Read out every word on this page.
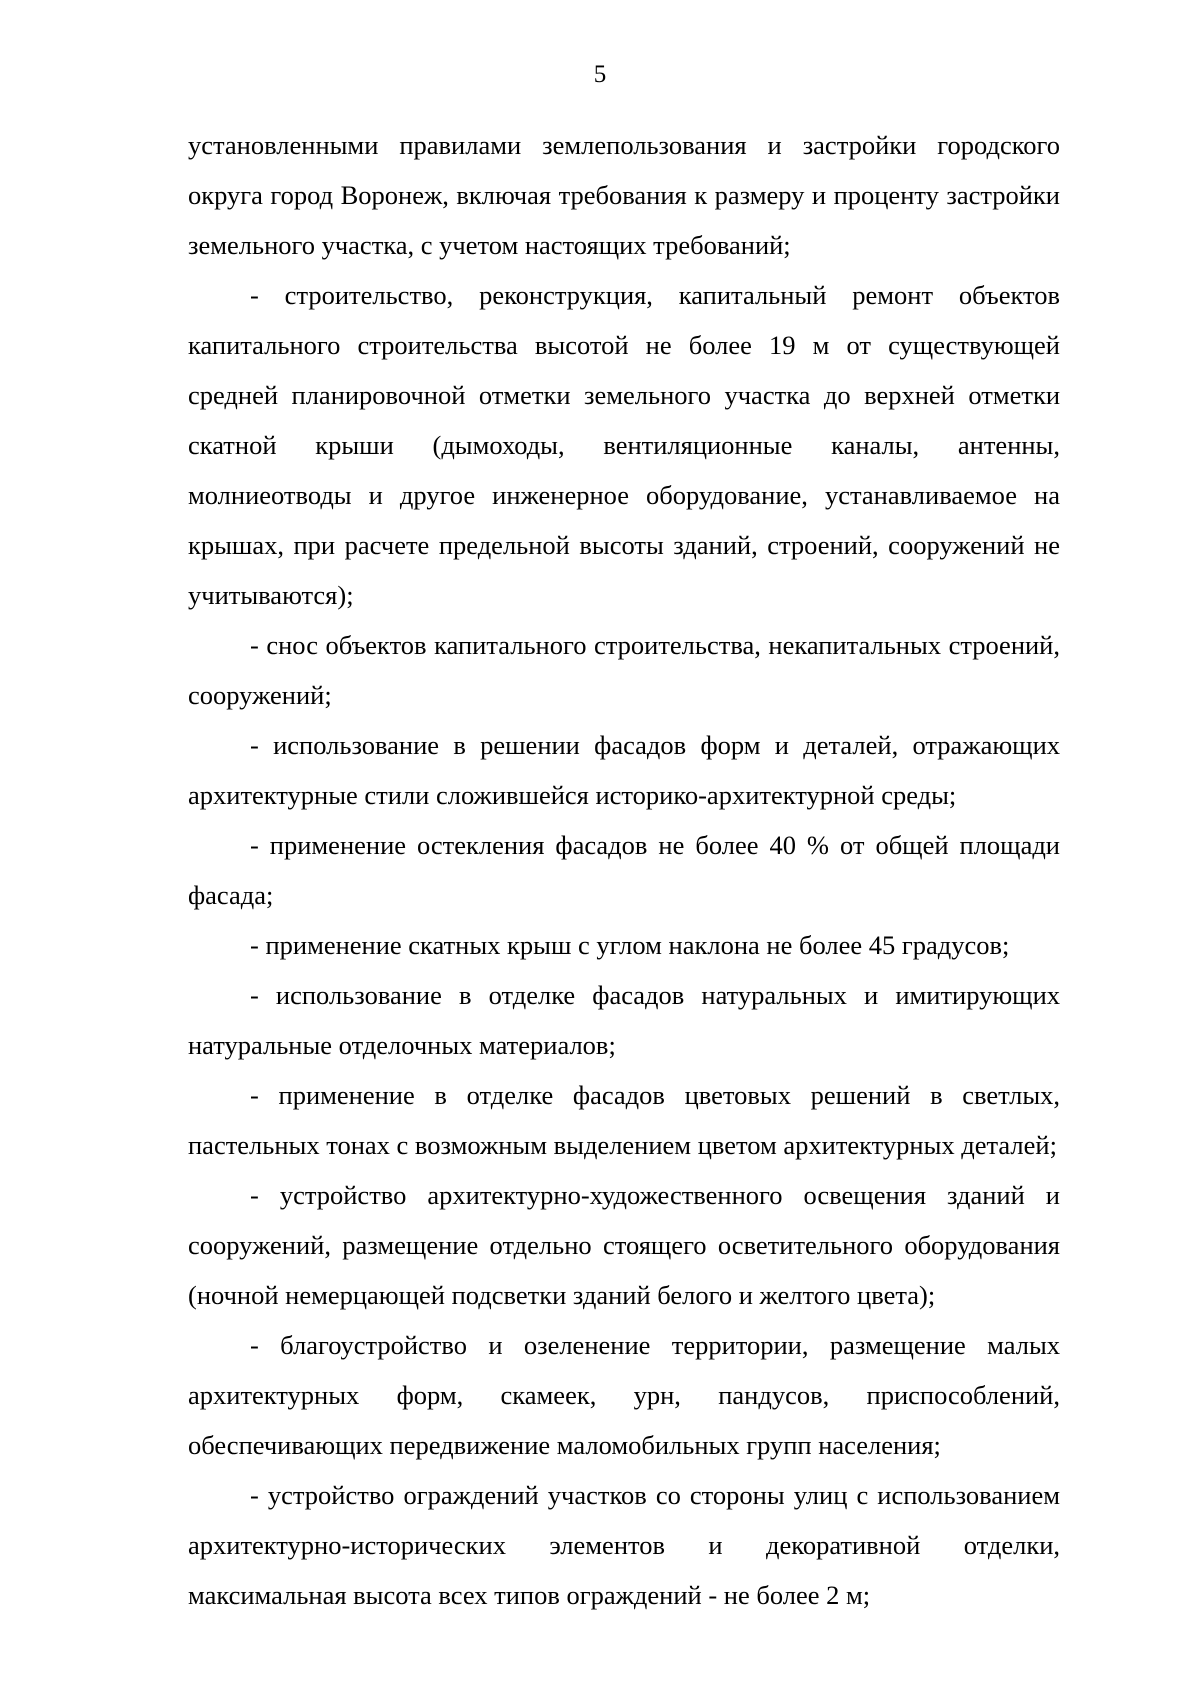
5

установленными правилами землепользования и застройки городского округа город Воронеж, включая требования к размеру и проценту застройки земельного участка, с учетом настоящих требований;

- строительство, реконструкция, капитальный ремонт объектов капитального строительства высотой не более 19 м от существующей средней планировочной отметки земельного участка до верхней отметки скатной крыши (дымоходы, вентиляционные каналы, антенны, молниеотводы и другое инженерное оборудование, устанавливаемое на крышах, при расчете предельной высоты зданий, строений, сооружений не учитываются);

- снос объектов капитального строительства, некапитальных строений, сооружений;

- использование в решении фасадов форм и деталей, отражающих архитектурные стили сложившейся историко-архитектурной среды;

- применение остекления фасадов не более 40 % от общей площади фасада;

- применение скатных крыш с углом наклона не более 45 градусов;

- использование в отделке фасадов натуральных и имитирующих натуральные отделочных материалов;

- применение в отделке фасадов цветовых решений в светлых, пастельных тонах с возможным выделением цветом архитектурных деталей;

- устройство архитектурно-художественного освещения зданий и сооружений, размещение отдельно стоящего осветительного оборудования (ночной немерцающей подсветки зданий белого и желтого цвета);

- благоустройство и озеленение территории, размещение малых архитектурных форм, скамеек, урн, пандусов, приспособлений, обеспечивающих передвижение маломобильных групп населения;

- устройство ограждений участков со стороны улиц с использованием архитектурно-исторических элементов и декоративной отделки, максимальная высота всех типов ограждений - не более 2 м;
